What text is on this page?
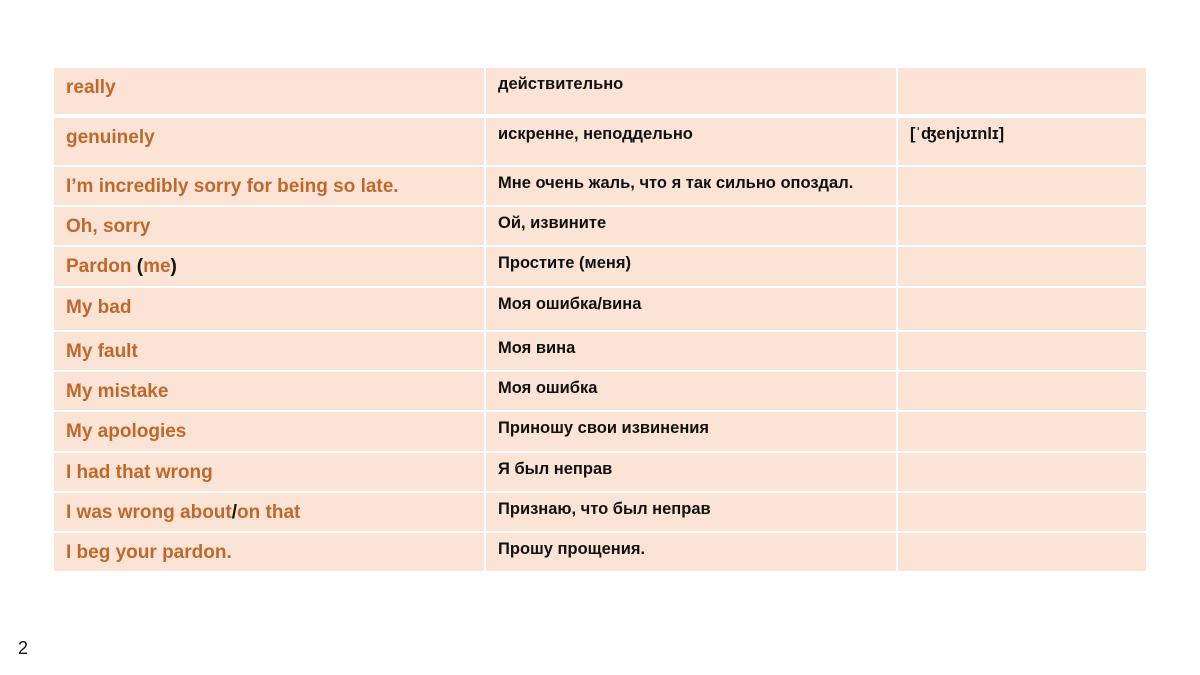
really	действительно	
genuinely	искренне, неподдельно	[ˈʤenjʊɪnlɪ]
I’m incredibly sorry for being so late.	Мне очень жаль, что я так сильно опоздал.	
Oh, sorry	Ой, извините	
Pardon (me)	Простите (меня)	
My bad	Моя ошибка/вина	
My fault	Моя вина	
My mistake	Моя ошибка	
My apologies	Приношу свои извинения	
I had that wrong	Я был неправ	
I was wrong about/on that	Признаю, что был неправ	
I beg your pardon.	Прошу прощения.	
2
